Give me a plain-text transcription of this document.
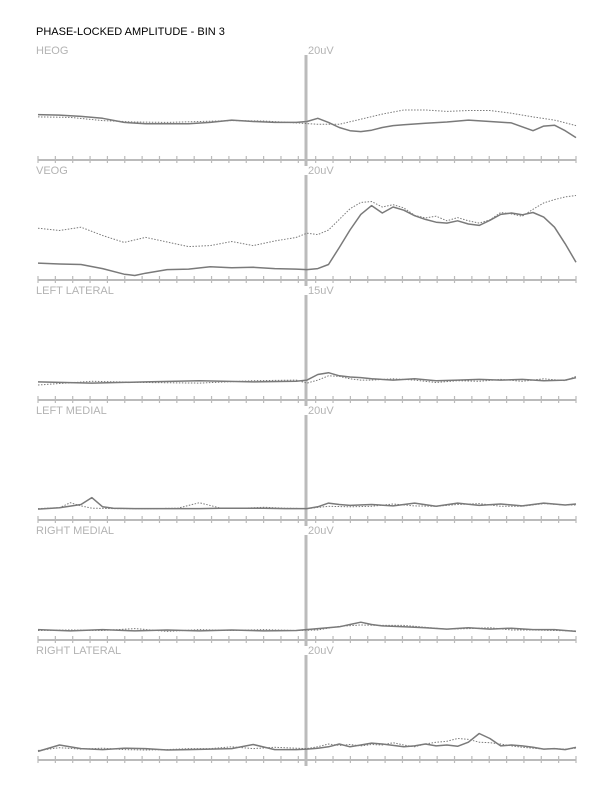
PHASE-LOCKED AMPLITUDE - BIN 3
HEOG	20uV
VEOG	20uV
LEFT LATERAL	15uV
LEFT MEDIAL	20uV
RIGHT MEDIAL	20uV
RIGHT LATERAL	20uV
